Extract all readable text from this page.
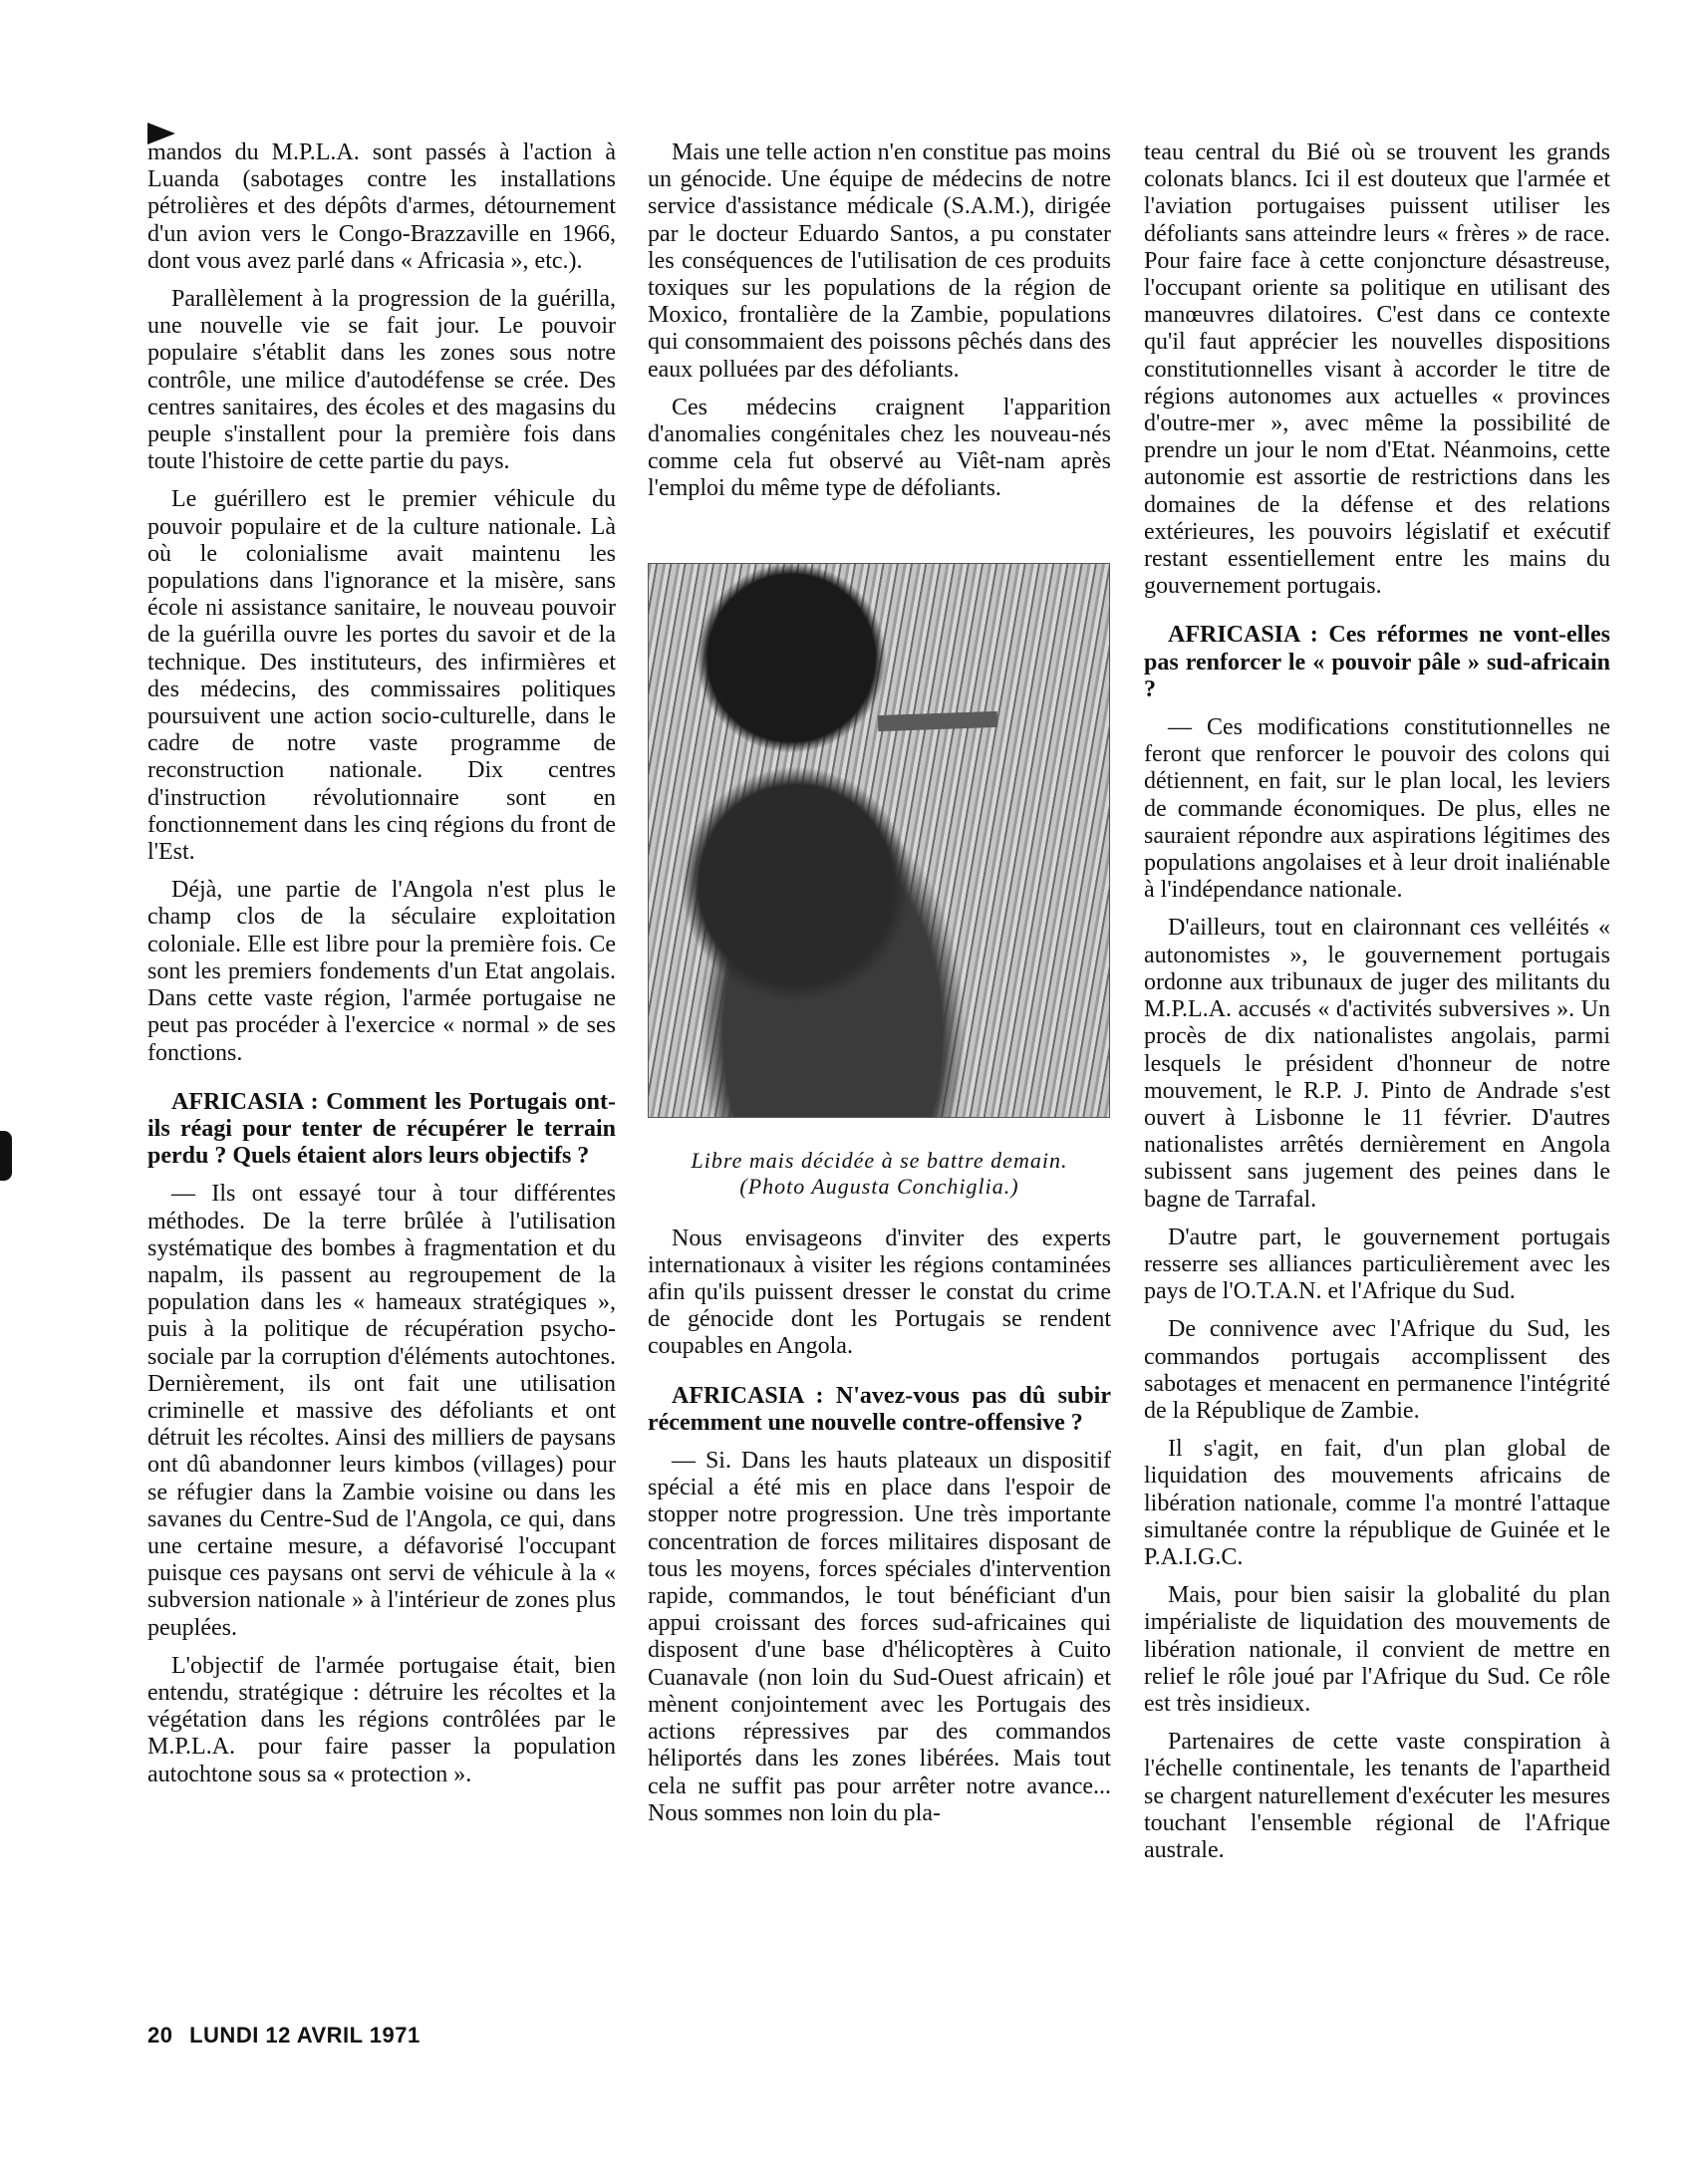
mandos du M.P.L.A. sont passés à l'action à Luanda (sabotages contre les installations pétrolières et des dépôts d'armes, détournement d'un avion vers le Congo-Brazzaville en 1966, dont vous avez parlé dans « Africasia », etc.).

Parallèlement à la progression de la guérilla, une nouvelle vie se fait jour. Le pouvoir populaire s'établit dans les zones sous notre contrôle, une milice d'autodéfense se crée. Des centres sanitaires, des écoles et des magasins du peuple s'installent pour la première fois dans toute l'histoire de cette partie du pays.

Le guérillero est le premier véhicule du pouvoir populaire et de la culture nationale. Là où le colonialisme avait maintenu les populations dans l'ignorance et la misère, sans école ni assistance sanitaire, le nouveau pouvoir de la guérilla ouvre les portes du savoir et de la technique. Des instituteurs, des infirmières et des médecins, des commissaires politiques poursuivent une action socio-culturelle, dans le cadre de notre vaste programme de reconstruction nationale. Dix centres d'instruction révolutionnaire sont en fonctionnement dans les cinq régions du front de l'Est.

Déjà, une partie de l'Angola n'est plus le champ clos de la séculaire exploitation coloniale. Elle est libre pour la première fois. Ce sont les premiers fondements d'un Etat angolais. Dans cette vaste région, l'armée portugaise ne peut pas procéder à l'exercice « normal » de ses fonctions.

AFRICASIA : Comment les Portugais ont-ils réagi pour tenter de récupérer le terrain perdu ? Quels étaient alors leurs objectifs ?

— Ils ont essayé tour à tour différentes méthodes. De la terre brûlée à l'utilisation systématique des bombes à fragmentation et du napalm, ils passent au regroupement de la population dans les « hameaux stratégiques », puis à la politique de récupération psycho-sociale par la corruption d'éléments autochtones. Dernièrement, ils ont fait une utilisation criminelle et massive des défoliants et ont détruit les récoltes. Ainsi des milliers de paysans ont dû abandonner leurs kimbos (villages) pour se réfugier dans la Zambie voisine ou dans les savanes du Centre-Sud de l'Angola, ce qui, dans une certaine mesure, a défavorisé l'occupant puisque ces paysans ont servi de véhicule à la « subversion nationale » à l'intérieur de zones plus peuplées.

L'objectif de l'armée portugaise était, bien entendu, stratégique : détruire les récoltes et la végétation dans les régions contrôlées par le M.P.L.A. pour faire passer la population autochtone sous sa « protection ».

Mais une telle action n'en constitue pas moins un génocide. Une équipe de médecins de notre service d'assistance médicale (S.A.M.), dirigée par le docteur Eduardo Santos, a pu constater les conséquences de l'utilisation de ces produits toxiques sur les populations de la région de Moxico, frontalière de la Zambie, populations qui consommaient des poissons pêchés dans des eaux polluées par des défoliants.

Ces médecins craignent l'apparition d'anomalies congénitales chez les nouveau-nés comme cela fut observé au Viêt-nam après l'emploi du même type de défoliants.

Libre mais décidée à se battre demain.
(Photo Augusta Conchiglia.)

Nous envisageons d'inviter des experts internationaux à visiter les régions contaminées afin qu'ils puissent dresser le constat du crime de génocide dont les Portugais se rendent coupables en Angola.

AFRICASIA : N'avez-vous pas dû subir récemment une nouvelle contre-offensive ?

— Si. Dans les hauts plateaux un dispositif spécial a été mis en place dans l'espoir de stopper notre progression. Une très importante concentration de forces militaires disposant de tous les moyens, forces spéciales d'intervention rapide, commandos, le tout bénéficiant d'un appui croissant des forces sud-africaines qui disposent d'une base d'hélicoptères à Cuito Cuanavale (non loin du Sud-Ouest africain) et mènent conjointement avec les Portugais des actions répressives par des commandos héliportés dans les zones libérées. Mais tout cela ne suffit pas pour arrêter notre avance... Nous sommes non loin du pla-

teau central du Bié où se trouvent les grands colonats blancs. Ici il est douteux que l'armée et l'aviation portugaises puissent utiliser les défoliants sans atteindre leurs « frères » de race. Pour faire face à cette conjoncture désastreuse, l'occupant oriente sa politique en utilisant des manœuvres dilatoires. C'est dans ce contexte qu'il faut apprécier les nouvelles dispositions constitutionnelles visant à accorder le titre de régions autonomes aux actuelles « provinces d'outre-mer », avec même la possibilité de prendre un jour le nom d'Etat. Néanmoins, cette autonomie est assortie de restrictions dans les domaines de la défense et des relations extérieures, les pouvoirs législatif et exécutif restant essentiellement entre les mains du gouvernement portugais.

AFRICASIA : Ces réformes ne vont-elles pas renforcer le « pouvoir pâle » sud-africain ?

— Ces modifications constitutionnelles ne feront que renforcer le pouvoir des colons qui détiennent, en fait, sur le plan local, les leviers de commande économiques. De plus, elles ne sauraient répondre aux aspirations légitimes des populations angolaises et à leur droit inaliénable à l'indépendance nationale.

D'ailleurs, tout en claironnant ces velléités « autonomistes », le gouvernement portugais ordonne aux tribunaux de juger des militants du M.P.L.A. accusés « d'activités subversives ». Un procès de dix nationalistes angolais, parmi lesquels le président d'honneur de notre mouvement, le R.P. J. Pinto de Andrade s'est ouvert à Lisbonne le 11 février. D'autres nationalistes arrêtés dernièrement en Angola subissent sans jugement des peines dans le bagne de Tarrafal.

D'autre part, le gouvernement portugais resserre ses alliances particulièrement avec les pays de l'O.T.A.N. et l'Afrique du Sud.

De connivence avec l'Afrique du Sud, les commandos portugais accomplissent des sabotages et menacent en permanence l'intégrité de la République de Zambie.

Il s'agit, en fait, d'un plan global de liquidation des mouvements africains de libération nationale, comme l'a montré l'attaque simultanée contre la république de Guinée et le P.A.I.G.C.

Mais, pour bien saisir la globalité du plan impérialiste de liquidation des mouvements de libération nationale, il convient de mettre en relief le rôle joué par l'Afrique du Sud. Ce rôle est très insidieux.

Partenaires de cette vaste conspiration à l'échelle continentale, les tenants de l'apartheid se chargent naturellement d'exécuter les mesures touchant l'ensemble régional de l'Afrique australe.

20 LUNDI 12 AVRIL 1971
